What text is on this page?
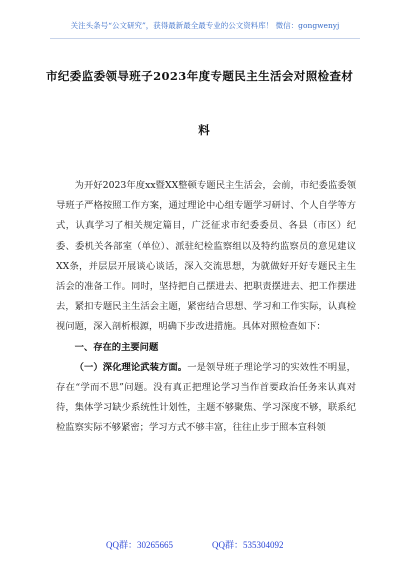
关注头条号“公文研究”，获得最新最全最专业的公文资料库！ 微信：gongwenyj
市纪委监委领导班子2023年度专题民主生活会对照检查材
料

为开好2023年度xx暨XX整顿专题民主生活会，会前，市纪委监委领导班子严格按照工作方案，通过理论中心组专题学习研讨、个人自学等方式，认真学习了相关规定篇目，广泛征求市纪委委员、各县（市区）纪委、委机关各部室（单位）、派驻纪检监察组以及特约监察员的意见建议XX条，并层层开展谈心谈话，深入交流思想，为就做好开好专题民主生活会的准备工作。同时，坚持把自己摆进去、把职责摆进去、把工作摆进去，紧扣专题民主生活会主题，紧密结合思想、学习和工作实际，认真检视问题，深入剖析根源，明确下步改进措施。具体对照检查如下：

一、存在的主要问题

（一）深化理论武装方面。一是领导班子理论学习的实效性不明显，存在“学而不思”问题。没有真正把理论学习当作首要政治任务来认真对待，集体学习缺少系统性计划性，主题不够聚焦、学习深度不够，联系纪检监察实际不够紧密；学习方式不够丰富，往往止步于照本宣科领

QQ群：30265665	QQ群：535304092
